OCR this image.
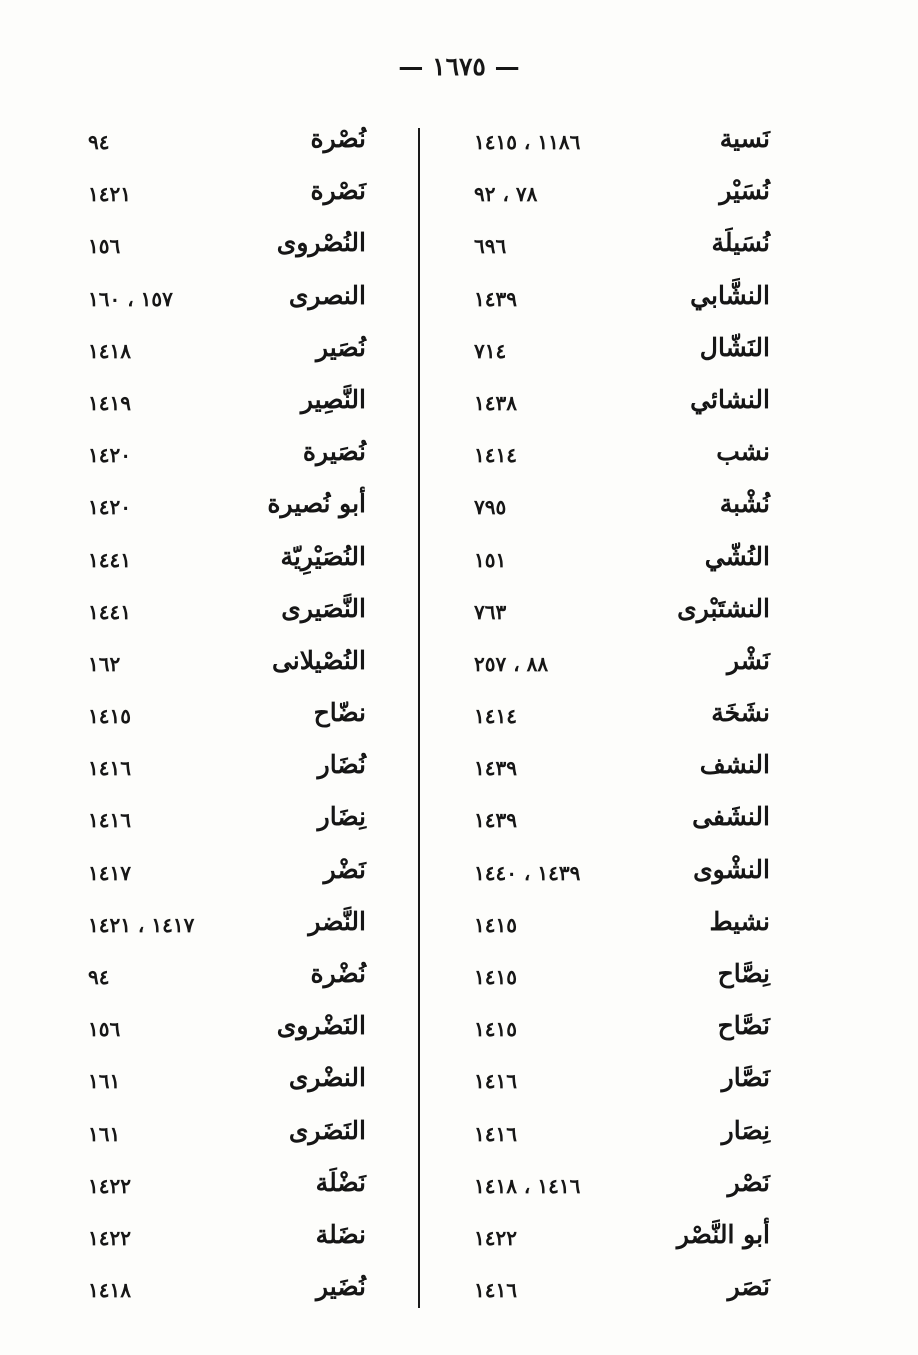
— ١٦٧٥ —
نَسية
١١٨٦ ، ١٤١٥
نُسَيْر
٧٨ ، ٩٢
نُسَيلَة
٦٩٦
النشَّابي
١٤٣٩
النَشّال
٧١٤
النشائي
١٤٣٨
نشب
١٤١٤
نُشْبة
٧٩٥
النُشّي
١٥١
النشتَبْرى
٧٦٣
نَشْر
٨٨ ، ٢٥٧
نشَخَة
١٤١٤
النشف
١٤٣٩
النشَفى
١٤٣٩
النشْوى
١٤٣٩ ، ١٤٤٠
نشيط
١٤١٥
نِصَّاح
١٤١٥
نَصَّاح
١٤١٥
نَصَّار
١٤١٦
نِصَار
١٤١٦
نَصْر
١٤١٦ ، ١٤١٨
أبو النَّصْر
١٤٢٢
نَصَر
١٤١٦
نُصْرة
٩٤
نَصْرة
١٤٢١
النُصْروى
١٥٦
النصرى
١٥٧ ، ١٦٠
نُصَير
١٤١٨
النَّصِير
١٤١٩
نُصَيرة
١٤٢٠
أبو نُصيرة
١٤٢٠
النُصَيْرِيّة
١٤٤١
النَّصَيرى
١٤٤١
النُصْيلانى
١٦٢
نضّاح
١٤١٥
نُضَار
١٤١٦
نِضَار
١٤١٦
نَضْر
١٤١٧
النَّضر
١٤١٧ ، ١٤٢١
نُضْرة
٩٤
النَضْروى
١٥٦
النضْرى
١٦١
النَضَرى
١٦١
نَضْلَة
١٤٢٢
نضَلة
١٤٢٢
نُضَير
١٤١٨
